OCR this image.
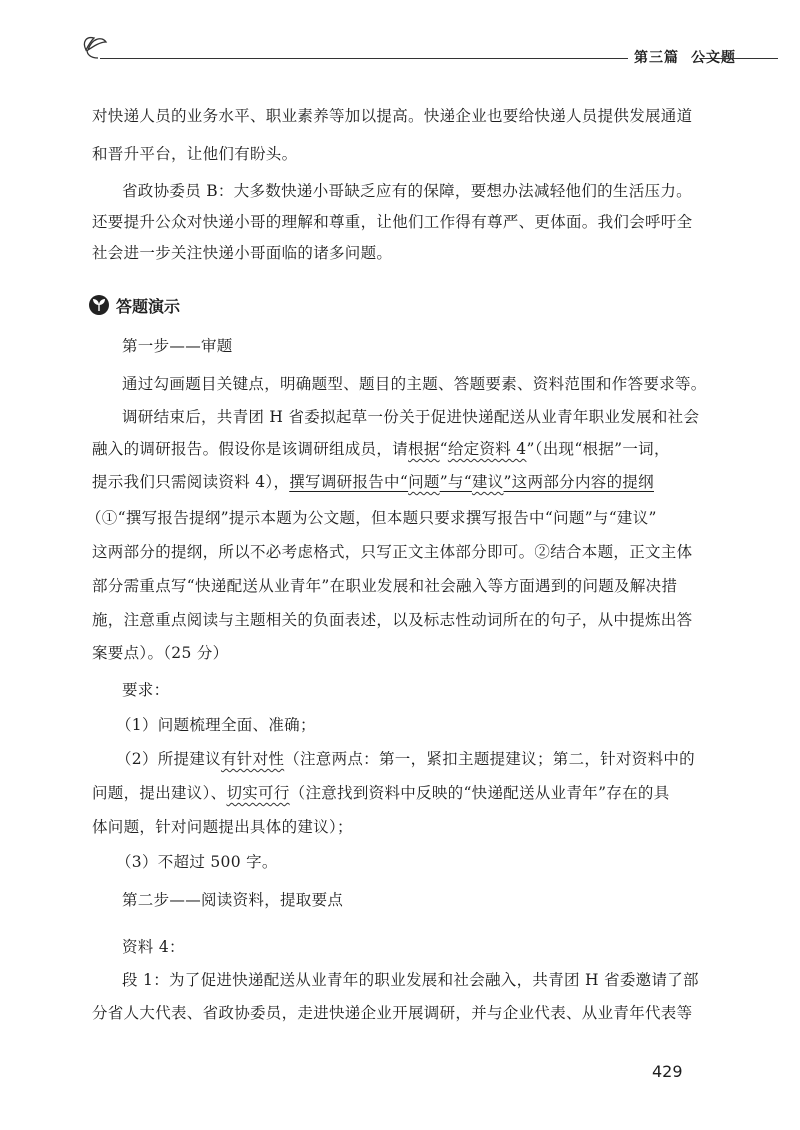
第三篇 公文题
对快递人员的业务水平、职业素养等加以提高。快递企业也要给快递人员提供发展通道
和晋升平台，让他们有盼头。
省政协委员 B：大多数快递小哥缺乏应有的保障，要想办法减轻他们的生活压力。
还要提升公众对快递小哥的理解和尊重，让他们工作得有尊严、更体面。我们会呼吁全
社会进一步关注快递小哥面临的诸多问题。
答题演示
第一步——审题
通过勾画题目关键点，明确题型、题目的主题、答题要素、资料范围和作答要求等。
调研结束后，共青团 H 省委拟起草一份关于促进快递配送从业青年职业发展和社会
融入的调研报告。假设你是该调研组成员，请根据“给定资料 4”（出现“根据”一词，
提示我们只需阅读资料 4），撰写调研报告中“问题”与“建议”这两部分内容的提纲
（①“撰写报告提纲”提示本题为公文题，但本题只要求撰写报告中“问题”与“建议”
这两部分的提纲，所以不必考虑格式，只写正文主体部分即可。②结合本题，正文主体
部分需重点写“快递配送从业青年”在职业发展和社会融入等方面遇到的问题及解决措
施，注意重点阅读与主题相关的负面表述，以及标志性动词所在的句子，从中提炼出答
案要点）。（25 分）
要求：
（1）问题梳理全面、准确；
（2）所提建议有针对性（注意两点：第一，紧扣主题提建议；第二，针对资料中的
问题，提出建议）、切实可行（注意找到资料中反映的“快递配送从业青年”存在的具
体问题，针对问题提出具体的建议）；
（3）不超过 500 字。
第二步——阅读资料，提取要点
资料 4：
段 1：为了促进快递配送从业青年的职业发展和社会融入，共青团 H 省委邀请了部
分省人大代表、省政协委员，走进快递企业开展调研，并与企业代表、从业青年代表等
429
